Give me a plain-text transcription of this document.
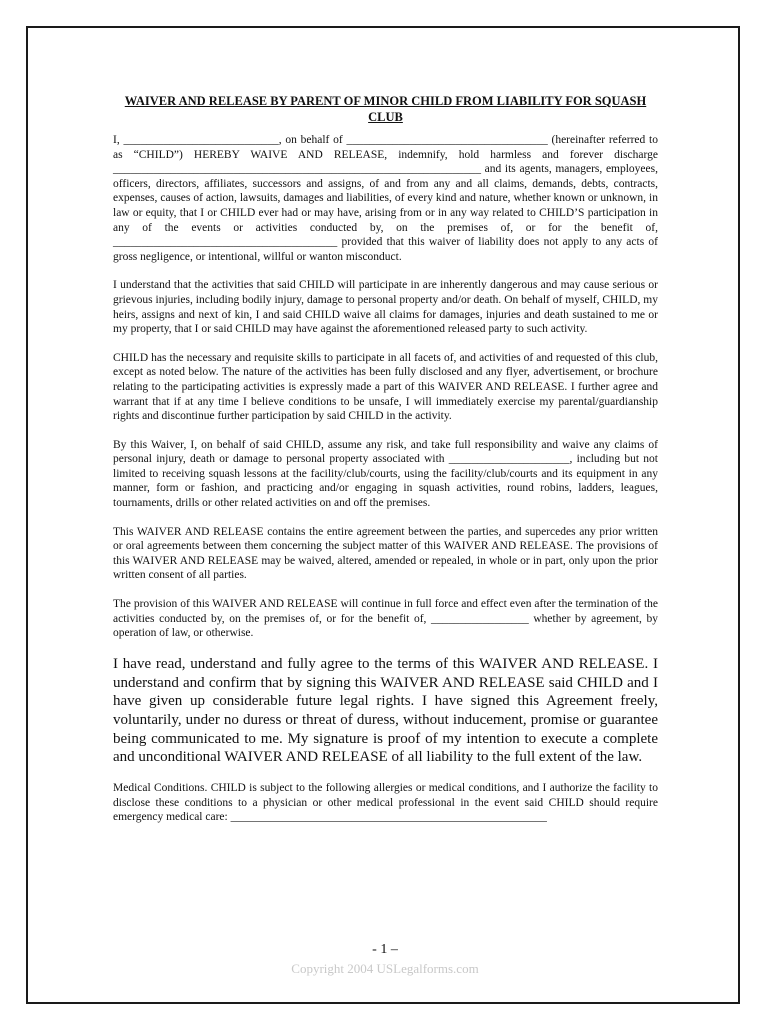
WAIVER AND RELEASE BY PARENT OF MINOR CHILD FROM LIABILITY FOR SQUASH CLUB

I, ___________________________, on behalf of ___________________________________ (hereinafter referred to as “CHILD”) HEREBY WAIVE AND RELEASE, indemnify, hold harmless and forever discharge ________________________________________________________________ and its agents, managers, employees, officers, directors, affiliates, successors and assigns, of and from any and all claims, demands, debts, contracts, expenses, causes of action, lawsuits, damages and liabilities, of every kind and nature, whether known or unknown, in law or equity, that I or CHILD ever had or may have, arising from or in any way related to CHILD’S participation in any of the events or activities conducted by, on the premises of, or for the benefit of, _______________________________________ provided that this waiver of liability does not apply to any acts of gross negligence, or intentional, willful or wanton misconduct.

I understand that the activities that said CHILD will participate in are inherently dangerous and may cause serious or grievous injuries, including bodily injury, damage to personal property and/or death. On behalf of myself, CHILD, my heirs, assigns and next of kin, I and said CHILD waive all claims for damages, injuries and death sustained to me or my property, that I or said CHILD may have against the aforementioned released party to such activity.

CHILD has the necessary and requisite skills to participate in all facets of, and activities of and requested of this club, except as noted below. The nature of the activities has been fully disclosed and any flyer, advertisement, or brochure relating to the participating activities is expressly made a part of this WAIVER AND RELEASE. I further agree and warrant that if at any time I believe conditions to be unsafe, I will immediately exercise my parental/guardianship rights and discontinue further participation by said CHILD in the activity.

By this Waiver, I, on behalf of said CHILD, assume any risk, and take full responsibility and waive any claims of personal injury, death or damage to personal property associated with _____________________, including but not limited to receiving squash lessons at the facility/club/courts, using the facility/club/courts and its equipment in any manner, form or fashion, and practicing and/or engaging in squash activities, round robins, ladders, leagues, tournaments, drills or other related activities on and off the premises.

This WAIVER AND RELEASE contains the entire agreement between the parties, and supercedes any prior written or oral agreements between them concerning the subject matter of this WAIVER AND RELEASE. The provisions of this WAIVER AND RELEASE may be waived, altered, amended or repealed, in whole or in part, only upon the prior written consent of all parties.

The provision of this WAIVER AND RELEASE will continue in full force and effect even after the termination of the activities conducted by, on the premises of, or for the benefit of, _________________ whether by agreement, by operation of law, or otherwise.

I have read, understand and fully agree to the terms of this WAIVER AND RELEASE. I understand and confirm that by signing this WAIVER AND RELEASE said CHILD and I have given up considerable future legal rights. I have signed this Agreement freely, voluntarily, under no duress or threat of duress, without inducement, promise or guarantee being communicated to me. My signature is proof of my intention to execute a complete and unconditional WAIVER AND RELEASE of all liability to the full extent of the law.

Medical Conditions. CHILD is subject to the following allergies or medical conditions, and I authorize the facility to disclose these conditions to a physician or other medical professional in the event said CHILD should require emergency medical care: _______________________________________________________

- 1 –
Copyright 2004 USLegalforms.com
